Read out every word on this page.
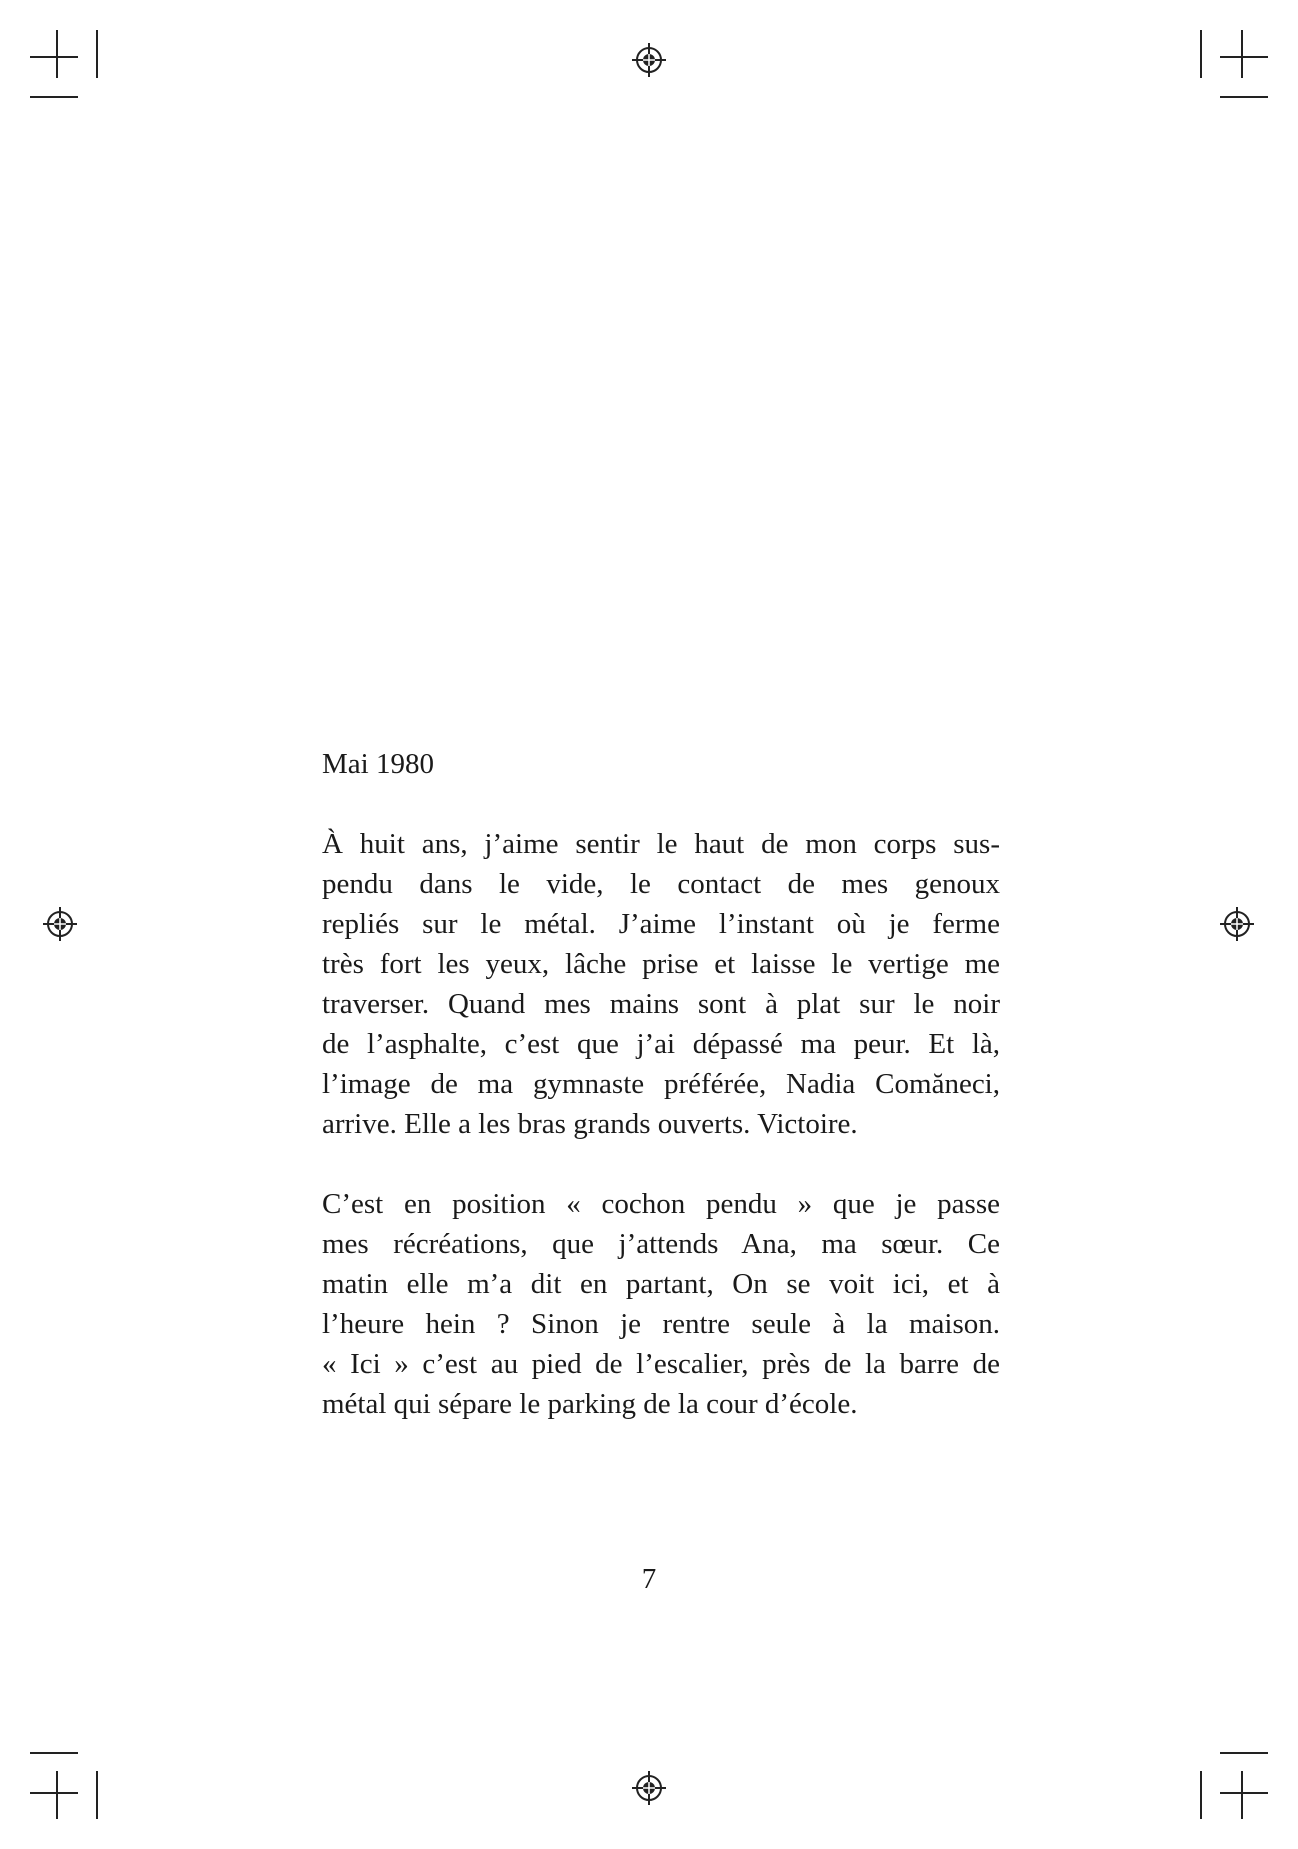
Mai 1980
À huit ans, j’aime sentir le haut de mon corps sus-
pendu dans le vide, le contact de mes genoux
repliés sur le métal. J’aime l’instant où je ferme
très fort les yeux, lâche prise et laisse le vertige me
traverser. Quand mes mains sont à plat sur le noir
de l’asphalte, c’est que j’ai dépassé ma peur. Et là,
l’image de ma gymnaste préférée, Nadia Comăneci,
arrive. Elle a les bras grands ouverts. Victoire.
C’est en position « cochon pendu » que je passe
mes récréations, que j’attends Ana, ma sœur. Ce
matin elle m’a dit en partant, On se voit ici, et à
l’heure hein ? Sinon je rentre seule à la maison.
« Ici » c’est au pied de l’escalier, près de la barre de
métal qui sépare le parking de la cour d’école.
7
